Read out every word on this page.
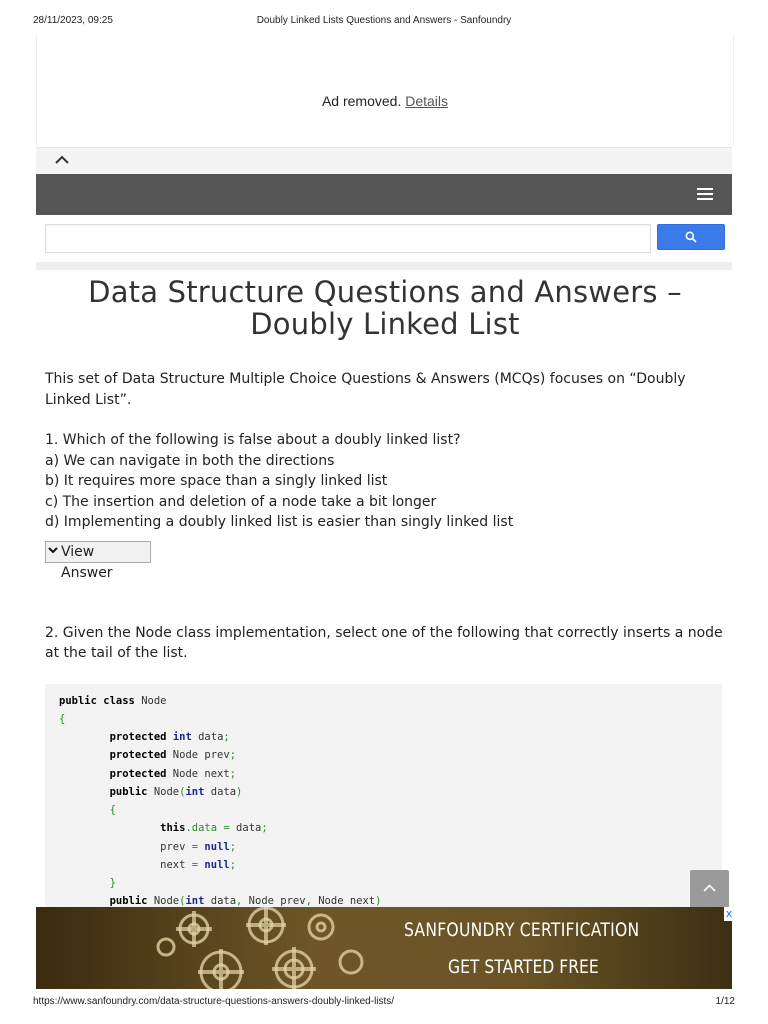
28/11/2023, 09:25	Doubly Linked Lists Questions and Answers - Sanfoundry
Ad removed. Details
Data Structure Questions and Answers – Doubly Linked List

This set of Data Structure Multiple Choice Questions & Answers (MCQs) focuses on “Doubly Linked List”.

1. Which of the following is false about a doubly linked list?
a) We can navigate in both the directions
b) It requires more space than a singly linked list
c) The insertion and deletion of a node take a bit longer
d) Implementing a doubly linked list is easier than singly linked list
View Answer

2. Given the Node class implementation, select one of the following that correctly inserts a node at the tail of the list.

public class Node
{
protected int data;
protected Node prev;
protected Node next;
public Node(int data)
{
this.data = data;
prev = null;
next = null;
}
public Node(int data, Node prev, Node next)

SANFOUNDRY CERTIFICATION
GET STARTED FREE
x
https://www.sanfoundry.com/data-structure-questions-answers-doubly-linked-lists/	1/12
